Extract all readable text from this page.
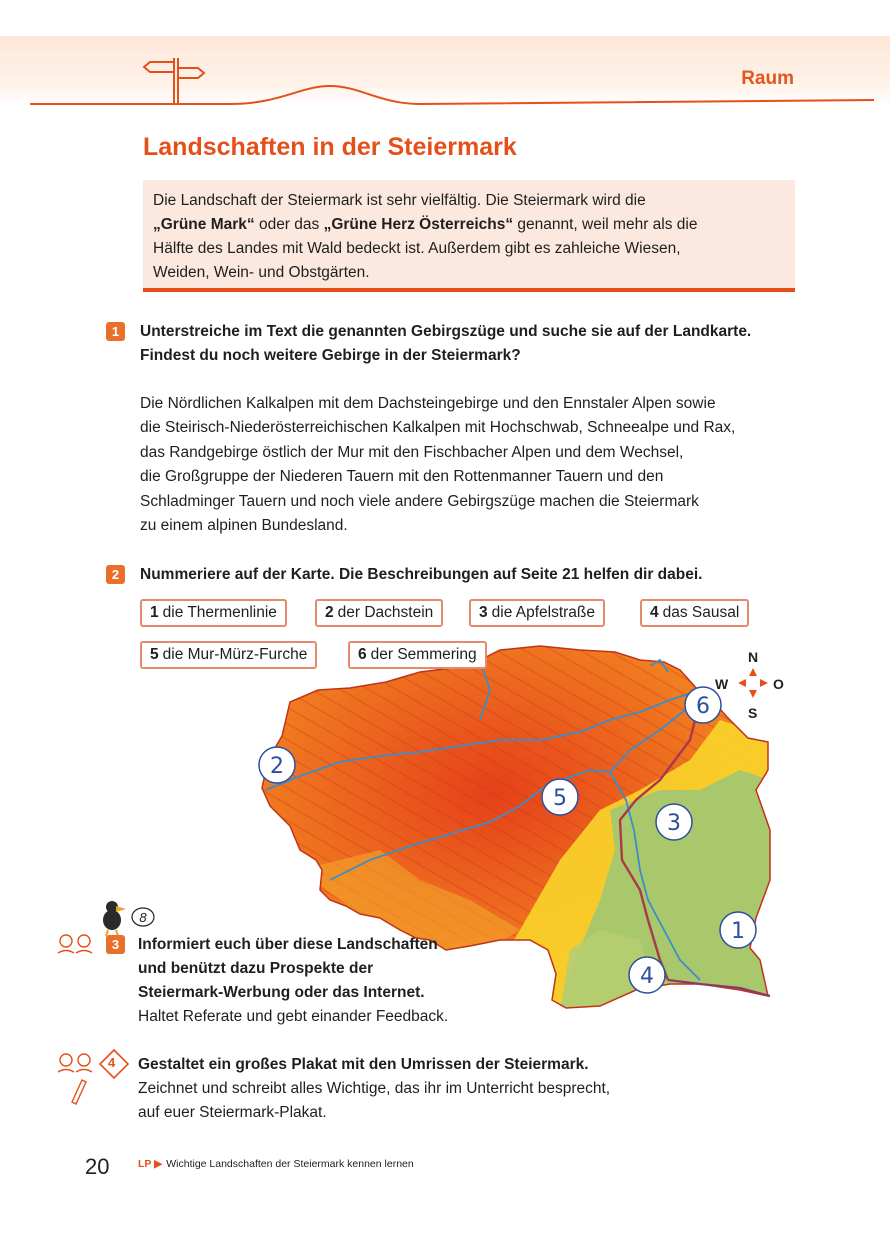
Raum
Landschaften in der Steiermark
Die Landschaft der Steiermark ist sehr vielfältig. Die Steiermark wird die
„Grüne Mark“ oder das „Grüne Herz Österreichs“ genannt, weil mehr als die
Hälfte des Landes mit Wald bedeckt ist. Außerdem gibt es zahleiche Wiesen,
Weiden, Wein- und Obstgärten.
1	Unterstreiche im Text die genannten Gebirgszüge und suche sie auf der Landkarte.
Findest du noch weitere Gebirge in der Steiermark?
Die Nördlichen Kalkalpen mit dem Dachsteingebirge und den Ennstaler Alpen sowie
die Steirisch-Niederösterreichischen Kalkalpen mit Hochschwab, Schneealpe und Rax,
das Randgebirge östlich der Mur mit den Fischbacher Alpen und dem Wechsel,
die Großgruppe der Niederen Tauern mit den Rottenmanner Tauern und den
Schladminger Tauern und noch viele andere Gebirgszüge machen die Steiermark
zu einem alpinen Bundesland.
2	Nummeriere auf der Karte. Die Beschreibungen auf Seite 21 helfen dir dabei.
1
2
3
4
5
6
8
N
S
W	O
1 die Thermenlinie	2 der Dachstein	3 die Apfelstraße	4 das Sausal
5 die Mur-Mürz-Furche	6 der Semmering
3	Informiert euch über diese Landschaften
und benützt dazu Prospekte der
Steiermark-Werbung oder das Internet.
Haltet Referate und gebt einander Feedback.
4 Gestaltet ein großes Plakat mit den Umrissen der Steiermark.
Zeichnet und schreibt alles Wichtige, das ihr im Unterricht besprecht,
auf euer Steiermark-Plakat.
20	LP ▶ Wichtige Landschaften der Steiermark kennen lernen
